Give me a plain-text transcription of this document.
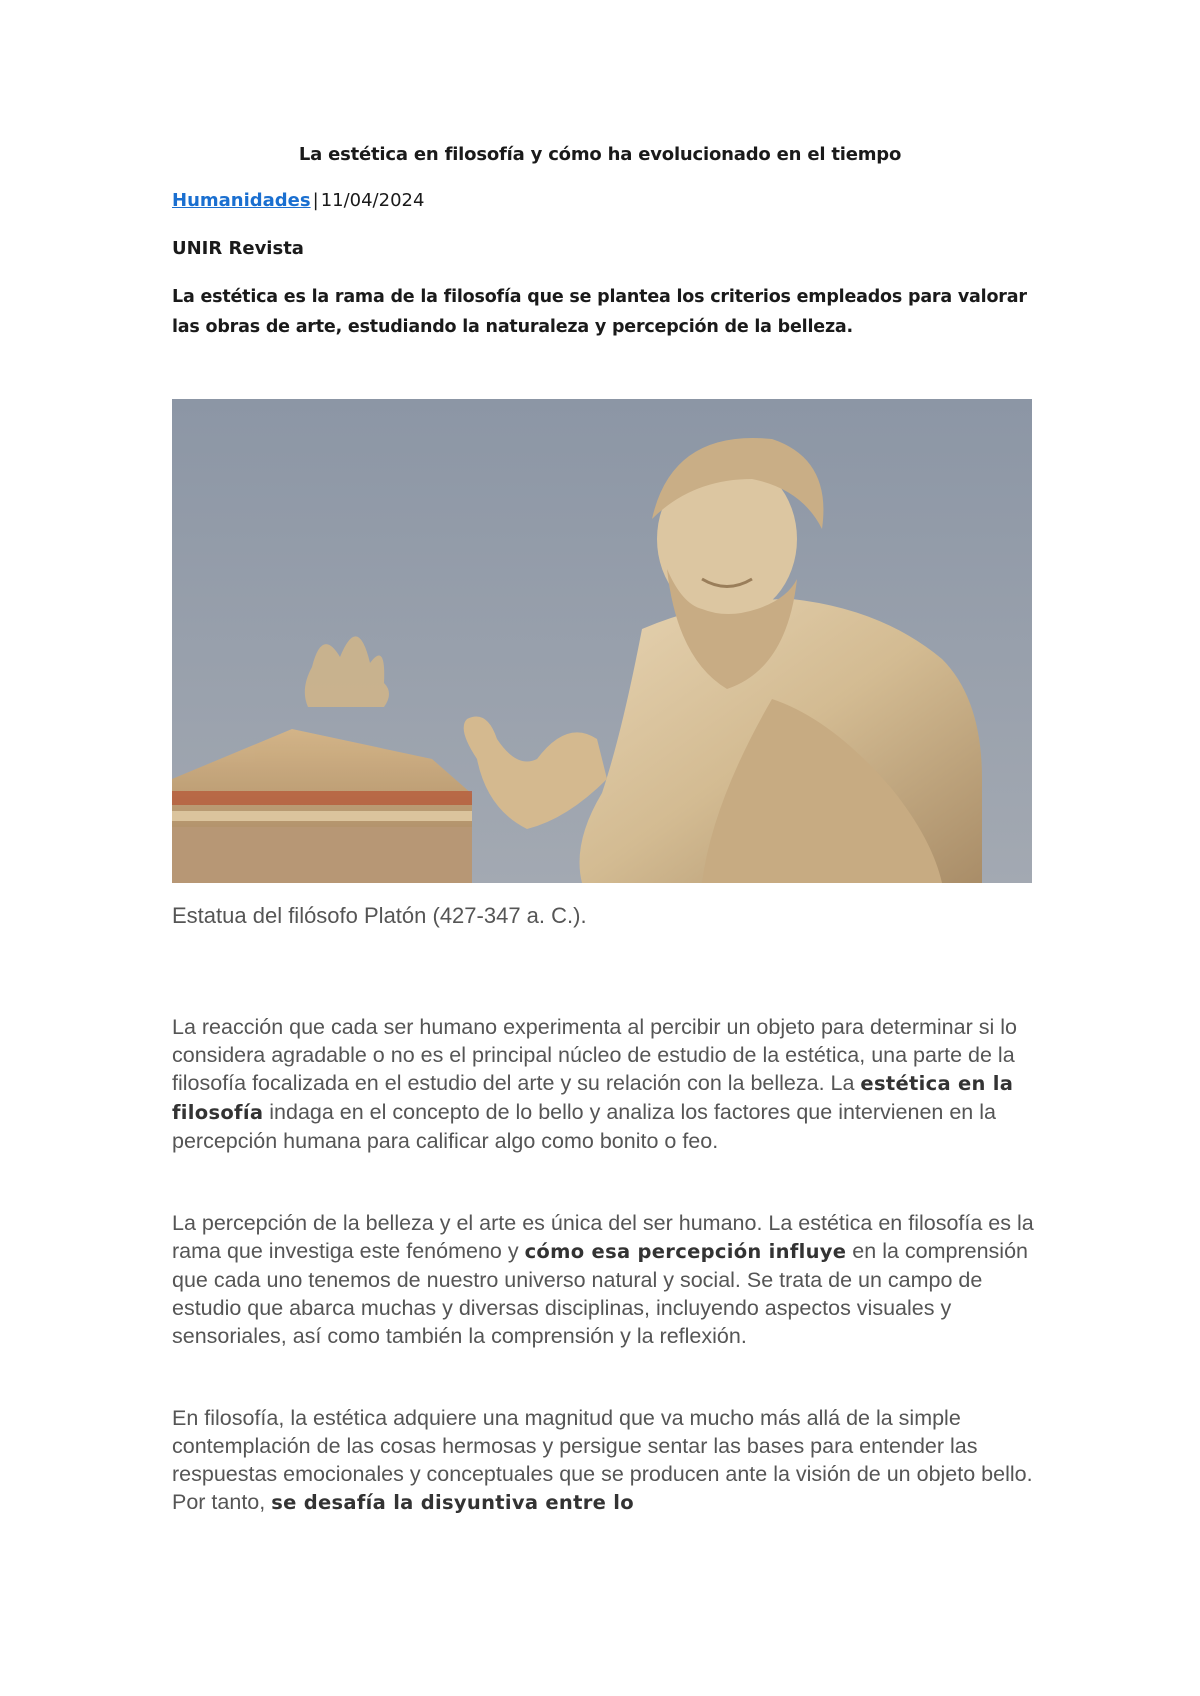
La estética en filosofía y cómo ha evolucionado en el tiempo
Humanidades | 11/04/2024
UNIR Revista
La estética es la rama de la filosofía que se plantea los criterios empleados para valorar las obras de arte, estudiando la naturaleza y percepción de la belleza.
Estatua del filósofo Platón (427-347 a. C.).

La reacción que cada ser humano experimenta al percibir un objeto para determinar si lo considera agradable o no es el principal núcleo de estudio de la estética, una parte de la filosofía focalizada en el estudio del arte y su relación con la belleza. La estética en la filosofía indaga en el concepto de lo bello y analiza los factores que intervienen en la percepción humana para calificar algo como bonito o feo.

La percepción de la belleza y el arte es única del ser humano. La estética en filosofía es la rama que investiga este fenómeno y cómo esa percepción influye en la comprensión que cada uno tenemos de nuestro universo natural y social. Se trata de un campo de estudio que abarca muchas y diversas disciplinas, incluyendo aspectos visuales y sensoriales, así como también la comprensión y la reflexión.

En filosofía, la estética adquiere una magnitud que va mucho más allá de la simple contemplación de las cosas hermosas y persigue sentar las bases para entender las respuestas emocionales y conceptuales que se producen ante la visión de un objeto bello. Por tanto, se desafía la disyuntiva entre lo
